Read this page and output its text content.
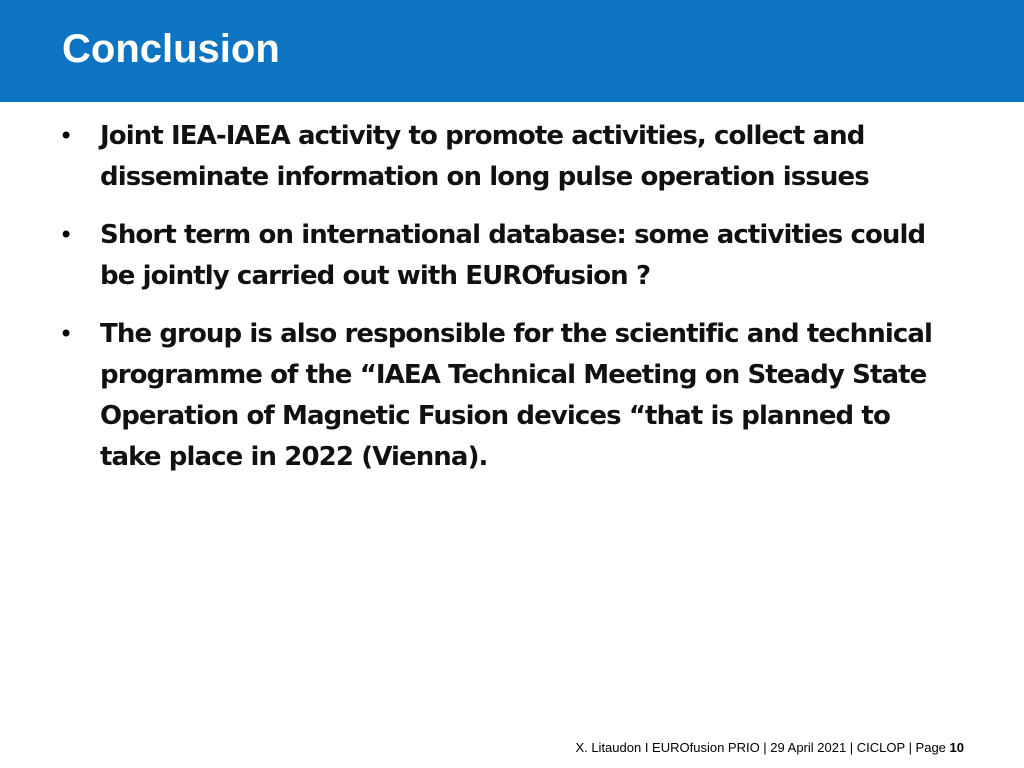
Conclusion
• Joint IEA-IAEA activity to promote activities, collect and disseminate information on long pulse operation issues
• Short term on international database: some activities could be jointly carried out with EUROfusion ?
• The group is also responsible for the scientific and technical programme of the “IAEA Technical Meeting on Steady State Operation of Magnetic Fusion devices “that is planned to take place in 2022 (Vienna).
X. Litaudon I EUROfusion PRIO | 29 April 2021 | CICLOP | Page 10
